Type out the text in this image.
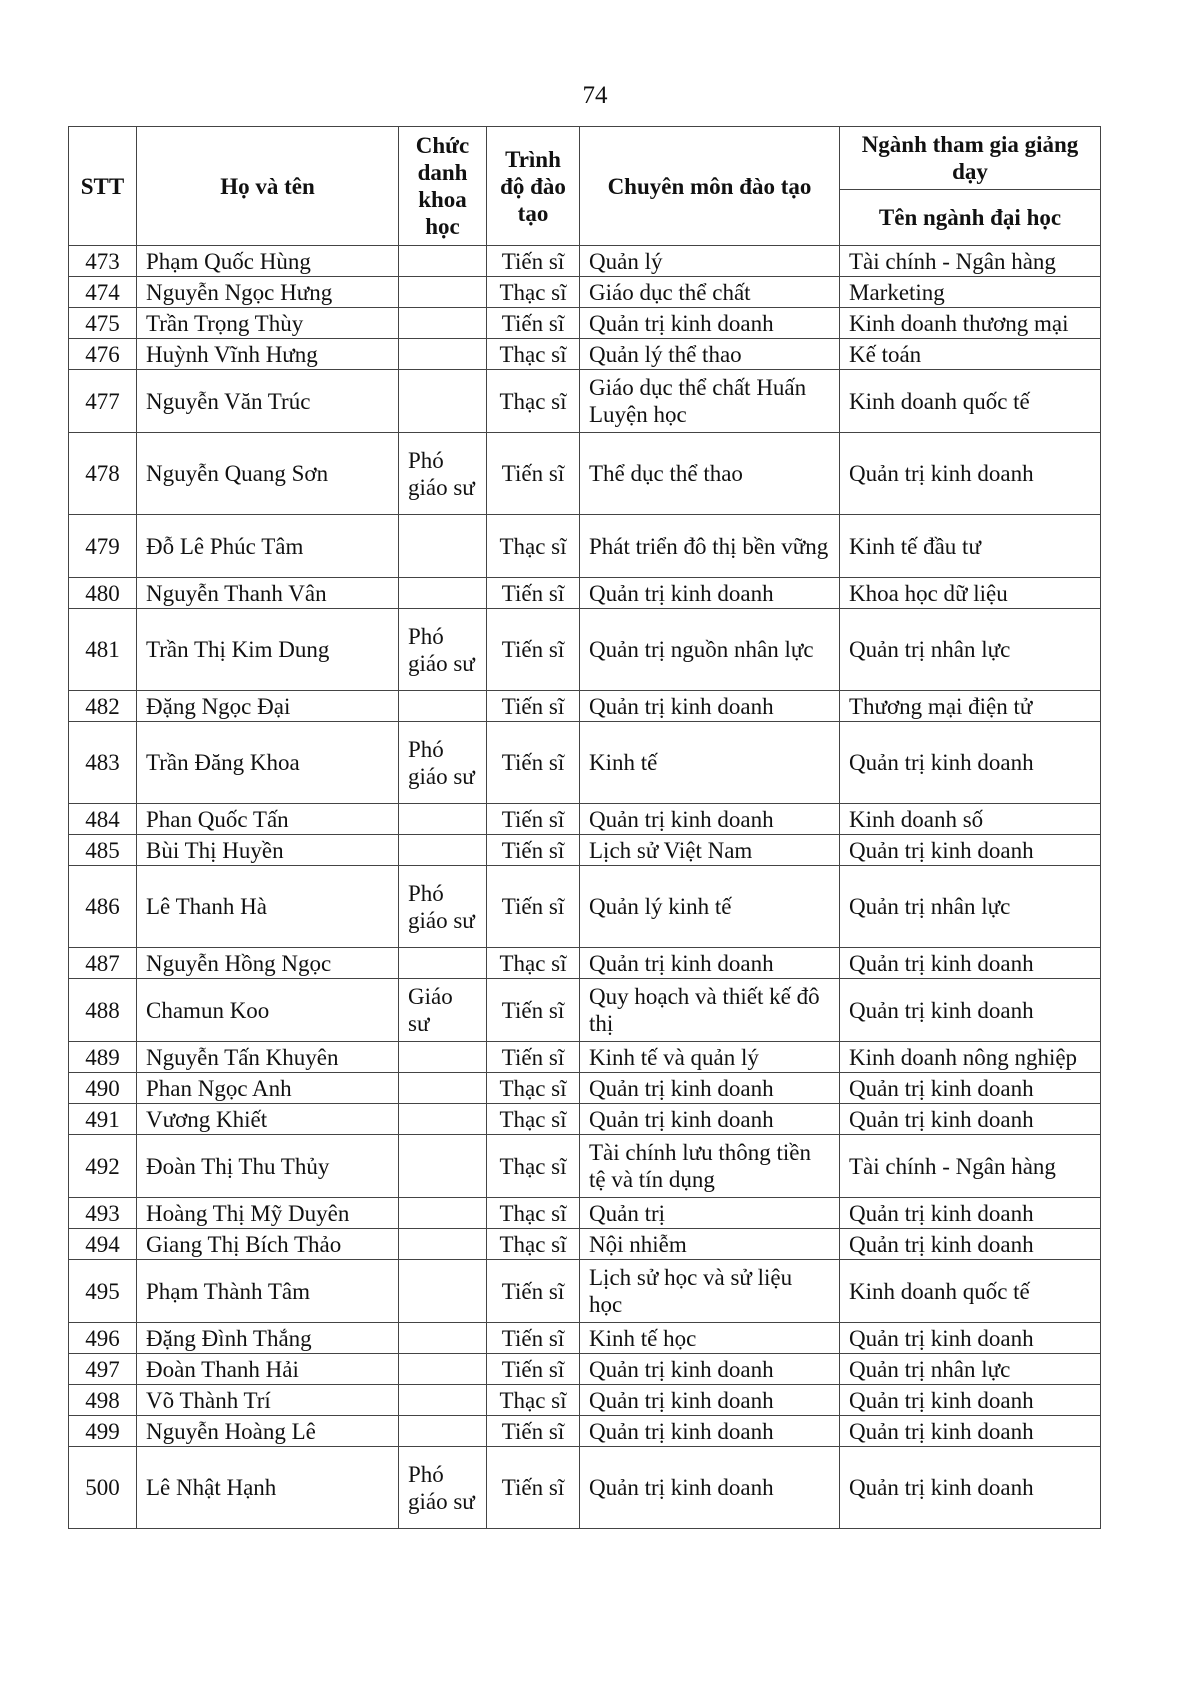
74
STT	Họ và tên	Chức danh khoa học	Trình độ đào tạo	Chuyên môn đào tạo	Ngành tham gia giảng dạy
					Tên ngành đại học
473	Phạm Quốc Hùng		Tiến sĩ	Quản lý	Tài chính - Ngân hàng
474	Nguyễn Ngọc Hưng		Thạc sĩ	Giáo dục thể chất	Marketing
475	Trần Trọng Thùy		Tiến sĩ	Quản trị kinh doanh	Kinh doanh thương mại
476	Huỳnh Vĩnh Hưng		Thạc sĩ	Quản lý thể thao	Kế toán
477	Nguyễn Văn Trúc		Thạc sĩ	Giáo dục thể chất Huấn Luyện học	Kinh doanh quốc tế
478	Nguyễn Quang Sơn	Phó giáo sư	Tiến sĩ	Thể dục thể thao	Quản trị kinh doanh
479	Đỗ Lê Phúc Tâm		Thạc sĩ	Phát triển đô thị bền vững	Kinh tế đầu tư
480	Nguyễn Thanh Vân		Tiến sĩ	Quản trị kinh doanh	Khoa học dữ liệu
481	Trần Thị Kim Dung	Phó giáo sư	Tiến sĩ	Quản trị nguồn nhân lực	Quản trị nhân lực
482	Đặng Ngọc Đại		Tiến sĩ	Quản trị kinh doanh	Thương mại điện tử
483	Trần Đăng Khoa	Phó giáo sư	Tiến sĩ	Kinh tế	Quản trị kinh doanh
484	Phan Quốc Tấn		Tiến sĩ	Quản trị kinh doanh	Kinh doanh số
485	Bùi Thị Huyền		Tiến sĩ	Lịch sử Việt Nam	Quản trị kinh doanh
486	Lê Thanh Hà	Phó giáo sư	Tiến sĩ	Quản lý kinh tế	Quản trị nhân lực
487	Nguyễn Hồng Ngọc		Thạc sĩ	Quản trị kinh doanh	Quản trị kinh doanh
488	Chamun Koo	Giáo sư	Tiến sĩ	Quy hoạch và thiết kế đô thị	Quản trị kinh doanh
489	Nguyễn Tấn Khuyên		Tiến sĩ	Kinh tế và quản lý	Kinh doanh nông nghiệp
490	Phan Ngọc Anh		Thạc sĩ	Quản trị kinh doanh	Quản trị kinh doanh
491	Vương Khiết		Thạc sĩ	Quản trị kinh doanh	Quản trị kinh doanh
492	Đoàn Thị Thu Thủy		Thạc sĩ	Tài chính lưu thông tiền tệ và tín dụng	Tài chính - Ngân hàng
493	Hoàng Thị Mỹ Duyên		Thạc sĩ	Quản trị	Quản trị kinh doanh
494	Giang Thị Bích Thảo		Thạc sĩ	Nội nhiễm	Quản trị kinh doanh
495	Phạm Thành Tâm		Tiến sĩ	Lịch sử học và sử liệu học	Kinh doanh quốc tế
496	Đặng Đình Thắng		Tiến sĩ	Kinh tế học	Quản trị kinh doanh
497	Đoàn Thanh Hải		Tiến sĩ	Quản trị kinh doanh	Quản trị nhân lực
498	Võ Thành Trí		Thạc sĩ	Quản trị kinh doanh	Quản trị kinh doanh
499	Nguyễn Hoàng Lê		Tiến sĩ	Quản trị kinh doanh	Quản trị kinh doanh
500	Lê Nhật Hạnh	Phó giáo sư	Tiến sĩ	Quản trị kinh doanh	Quản trị kinh doanh
